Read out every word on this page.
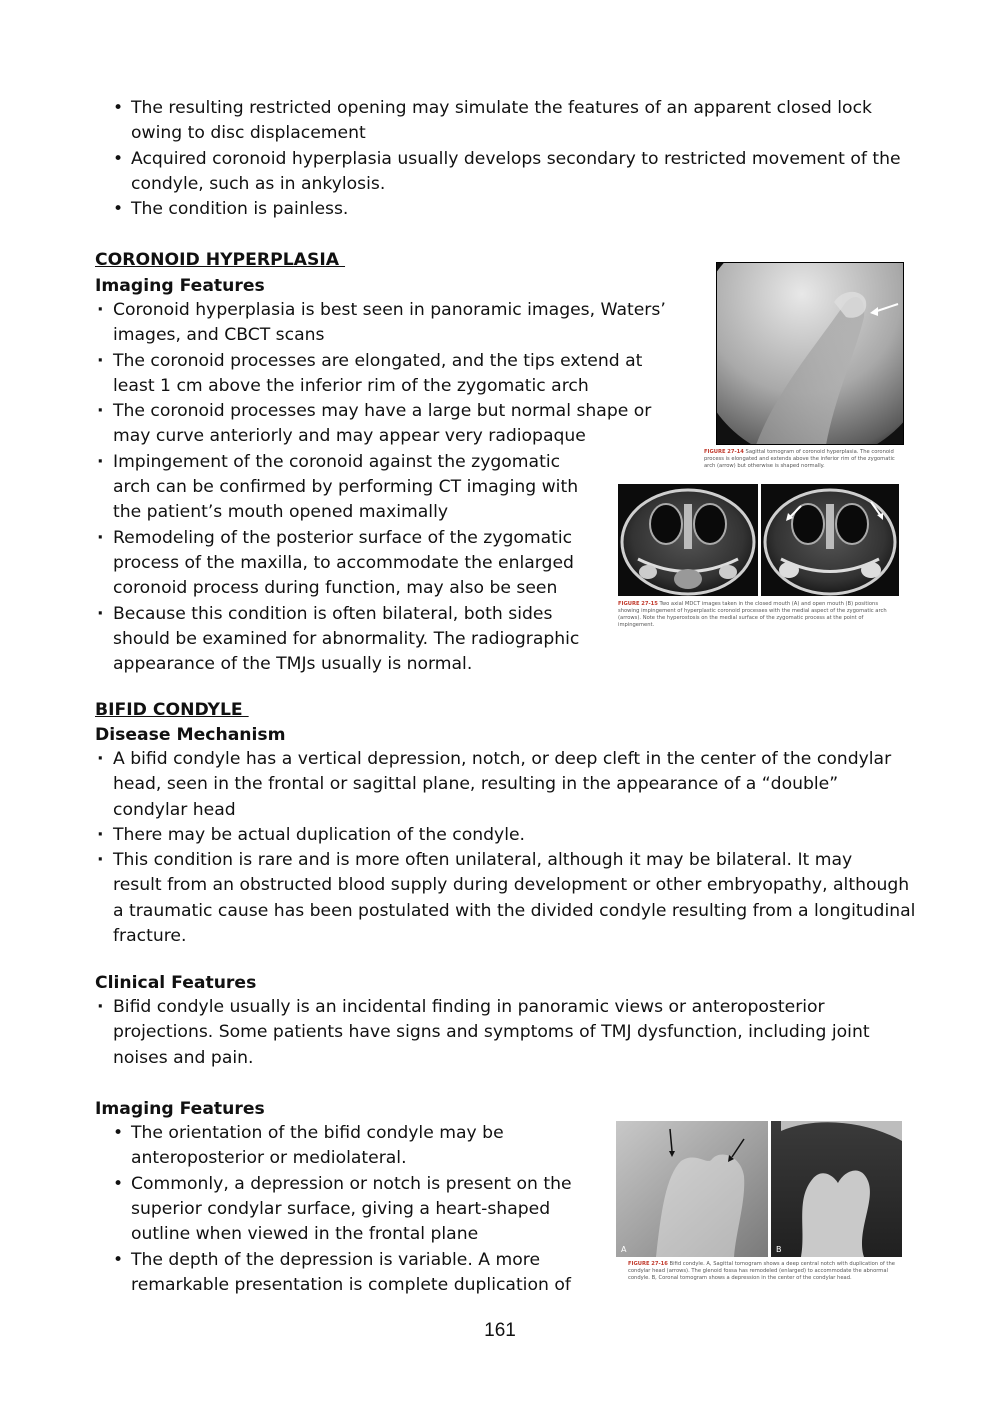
• The resulting restricted opening may simulate the features of an apparent closed lock
owing to disc displacement
• Acquired coronoid hyperplasia usually develops secondary to restricted movement of the
condyle, such as in ankylosis.
• The condition is painless.
CORONOID HYPERPLASIA
Imaging Features
· Coronoid hyperplasia is best seen in panoramic images, Waters’
images, and CBCT scans
· The coronoid processes are elongated, and the tips extend at
least 1 cm above the inferior rim of the zygomatic arch
· The coronoid processes may have a large but normal shape or
may curve anteriorly and may appear very radiopaque
· Impingement of the coronoid against the zygomatic
arch can be confirmed by performing CT imaging with
the patient’s mouth opened maximally
· Remodeling of the posterior surface of the zygomatic
process of the maxilla, to accommodate the enlarged
coronoid process during function, may also be seen
· Because this condition is often bilateral, both sides
should be examined for abnormality. The radiographic
appearance of the TMJs usually is normal.
FIGURE 27-14 Sagittal tomogram of coronoid hyperplasia. The coronoid process is elongated and extends above the inferior rim of the zygomatic arch (arrow) but otherwise is shaped normally.
FIGURE 27-15 Two axial MDCT images taken in the closed mouth (A) and open mouth (B) positions showing impingement of hyperplastic coronoid processes with the medial aspect of the zygomatic arch (arrows). Note the hyperostosis on the medial surface of the zygomatic process at the point of impingement.
BIFID CONDYLE
Disease Mechanism
· A bifid condyle has a vertical depression, notch, or deep cleft in the center of the condylar
head, seen in the frontal or sagittal plane, resulting in the appearance of a “double”
condylar head
· There may be actual duplication of the condyle.
· This condition is rare and is more often unilateral, although it may be bilateral. It may
result from an obstructed blood supply during development or other embryopathy, although
a traumatic cause has been postulated with the divided condyle resulting from a longitudinal
fracture.
Clinical Features
· Bifid condyle usually is an incidental finding in panoramic views or anteroposterior
projections. Some patients have signs and symptoms of TMJ dysfunction, including joint
noises and pain.
Imaging Features
• The orientation of the bifid condyle may be
anteroposterior or mediolateral.
• Commonly, a depression or notch is present on the
superior condylar surface, giving a heart-shaped
outline when viewed in the frontal plane
• The depth of the depression is variable. A more
remarkable presentation is complete duplication of
A	B
FIGURE 27-16 Bifid condyle. A, Sagittal tomogram shows a deep central notch with duplication of the condylar head (arrows). The glenoid fossa has remodeled (enlarged) to accommodate the abnormal condyle. B, Coronal tomogram shows a depression in the center of the condylar head.
161
